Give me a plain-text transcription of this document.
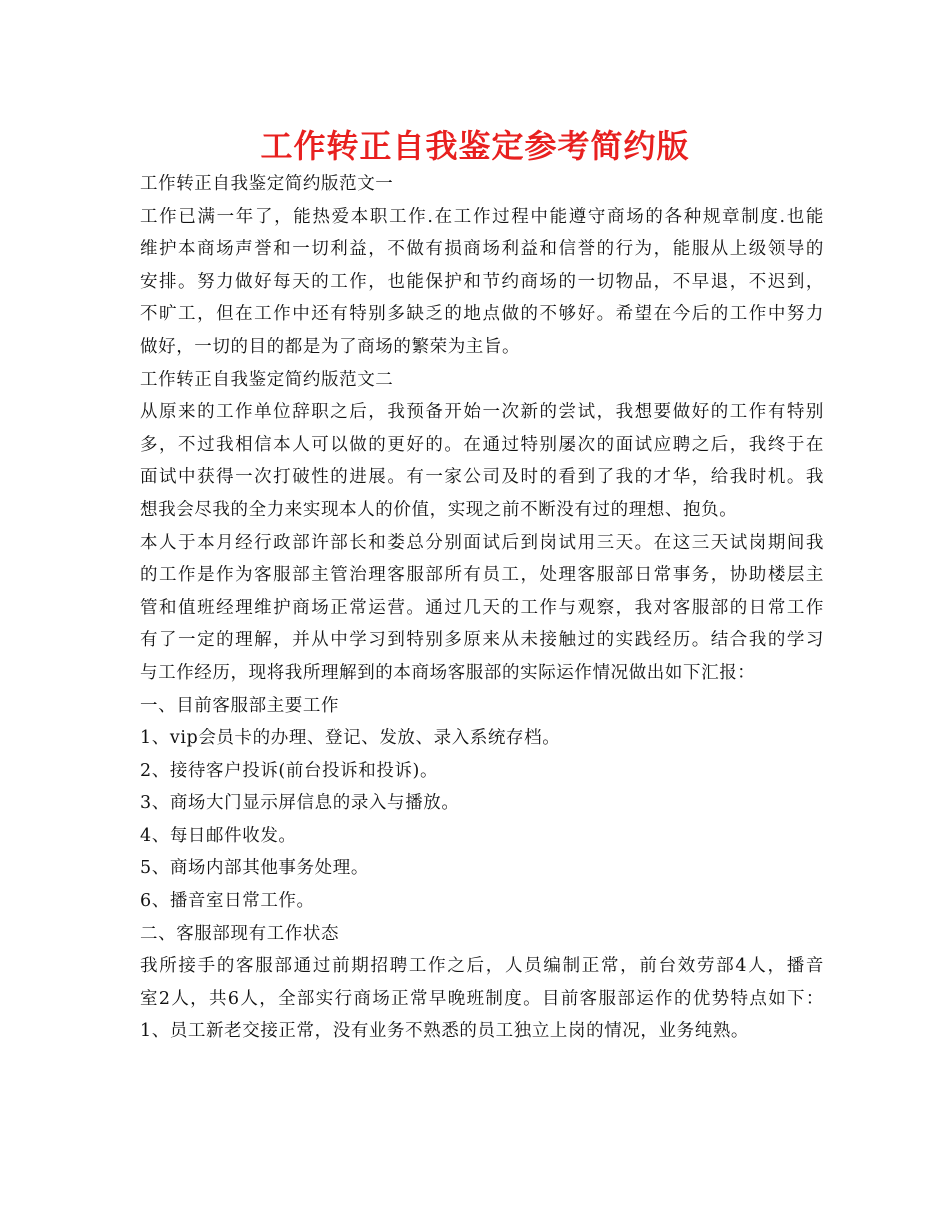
工作转正自我鉴定参考简约版
工作转正自我鉴定简约版范文一
工作已满一年了，能热爱本职工作.在工作过程中能遵守商场的各种规章制度.也能
维护本商场声誉和一切利益，不做有损商场利益和信誉的行为，能服从上级领导的
安排。努力做好每天的工作，也能保护和节约商场的一切物品，不早退，不迟到，
不旷工，但在工作中还有特别多缺乏的地点做的不够好。希望在今后的工作中努力
做好，一切的目的都是为了商场的繁荣为主旨。
工作转正自我鉴定简约版范文二
从原来的工作单位辞职之后，我预备开始一次新的尝试，我想要做好的工作有特别
多，不过我相信本人可以做的更好的。在通过特别屡次的面试应聘之后，我终于在
面试中获得一次打破性的进展。有一家公司及时的看到了我的才华，给我时机。我
想我会尽我的全力来实现本人的价值，实现之前不断没有过的理想、抱负。
本人于本月经行政部许部长和娄总分别面试后到岗试用三天。在这三天试岗期间我
的工作是作为客服部主管治理客服部所有员工，处理客服部日常事务，协助楼层主
管和值班经理维护商场正常运营。通过几天的工作与观察，我对客服部的日常工作
有了一定的理解，并从中学习到特别多原来从未接触过的实践经历。结合我的学习
与工作经历，现将我所理解到的本商场客服部的实际运作情况做出如下汇报：
一、目前客服部主要工作
1、vip会员卡的办理、登记、发放、录入系统存档。
2、接待客户投诉(前台投诉和投诉)。
3、商场大门显示屏信息的录入与播放。
4、每日邮件收发。
5、商场内部其他事务处理。
6、播音室日常工作。
二、客服部现有工作状态
我所接手的客服部通过前期招聘工作之后，人员编制正常，前台效劳部4人，播音
室2人，共6人，全部实行商场正常早晚班制度。目前客服部运作的优势特点如下：
1、员工新老交接正常，没有业务不熟悉的员工独立上岗的情况，业务纯熟。
